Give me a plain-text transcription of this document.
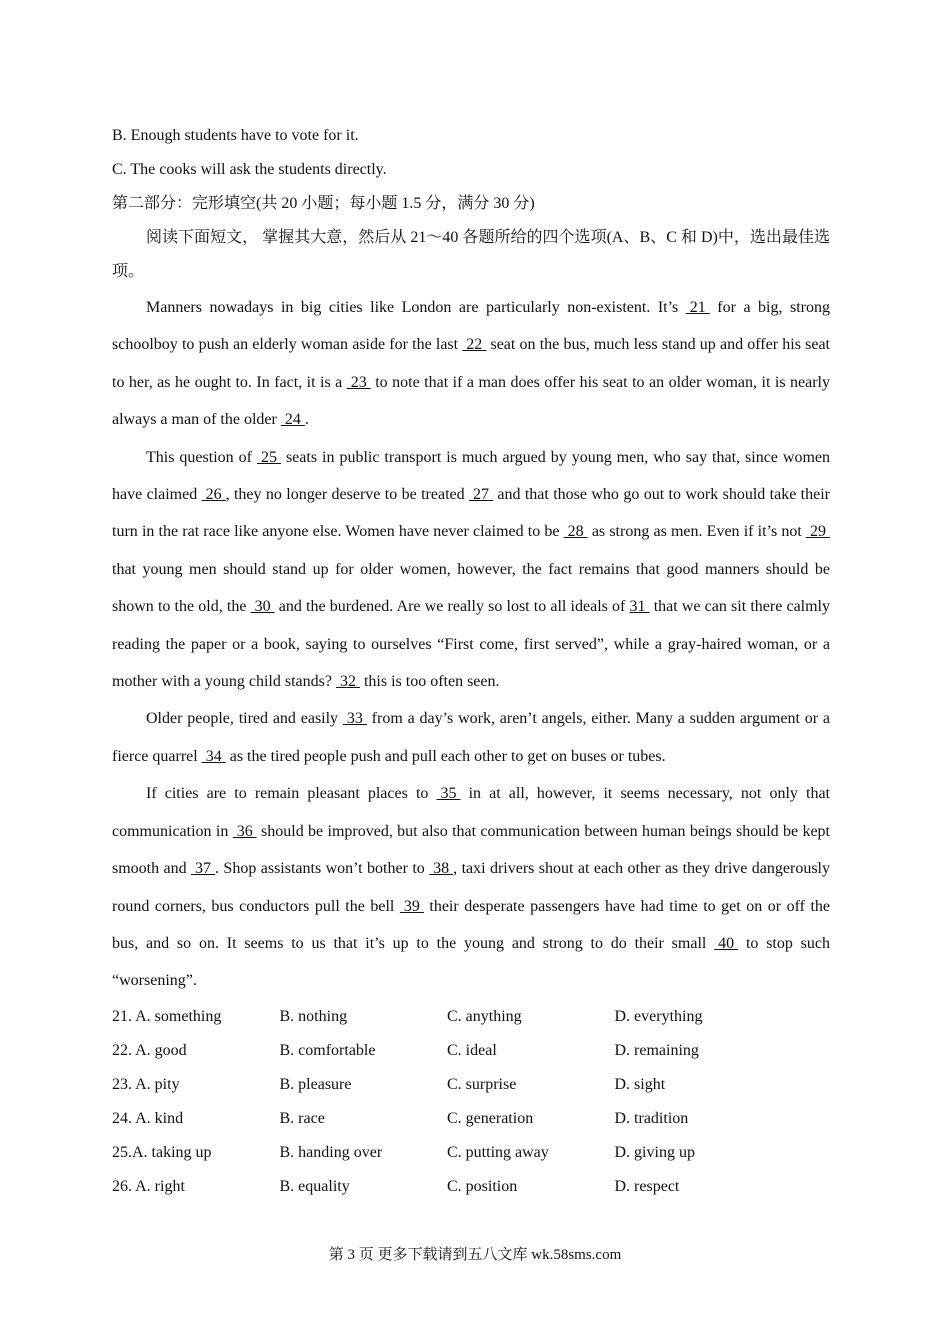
B. Enough students have to vote for it.
C. The cooks will ask the students directly.
第二部分：完形填空(共 20 小题；每小题 1.5 分，满分 30 分)

阅读下面短文， 掌握其大意，然后从 21～40 各题所给的四个选项(A、B、C 和 D)中，选出最佳选项。

Manners nowadays in big cities like London are particularly non-existent. It’s  21  for a big, strong schoolboy to push an elderly woman aside for the last  22  seat on the bus, much less stand up and offer his seat to her, as he ought to. In fact, it is a  23  to note that if a man does offer his seat to an older woman, it is nearly always a man of the older  24 .

This question of  25  seats in public transport is much argued by young men, who say that, since women have claimed  26 , they no longer deserve to be treated  27  and that those who go out to work should take their turn in the rat race like anyone else. Women have never claimed to be  28  as strong as men. Even if it’s not  29  that young men should stand up for older women, however, the fact remains that good manners should be shown to the old, the  30  and the burdened. Are we really so lost to all ideals of 31  that we can sit there calmly reading the paper or a book, saying to ourselves “First come, first served”, while a gray-haired woman, or a mother with a young child stands?  32  this is too often seen.

Older people, tired and easily  33  from a day’s work, aren’t angels, either. Many a sudden argument or a fierce quarrel  34  as the tired people push and pull each other to get on buses or tubes.

If cities are to remain pleasant places to  35  in at all, however, it seems necessary, not only that communication in  36  should be improved, but also that communication between human beings should be kept smooth and  37 . Shop assistants won’t bother to  38 , taxi drivers shout at each other as they drive dangerously round corners, bus conductors pull the bell  39  their desperate passengers have had time to get on or off the bus, and so on. It seems to us that it’s up to the young and strong to do their small  40  to stop such “worsening”.

21. A. something	B. nothing	C. anything	D. everything
22. A. good	B. comfortable	C. ideal	D. remaining
23. A. pity	B. pleasure	C. surprise	D. sight
24. A. kind	B. race	C. generation	D. tradition
25.A. taking up	B. handing over	C. putting away	D. giving up
26. A. right	B. equality	C. position	D. respect
第 3 页 更多下载请到五八文库 wk.58sms.com
